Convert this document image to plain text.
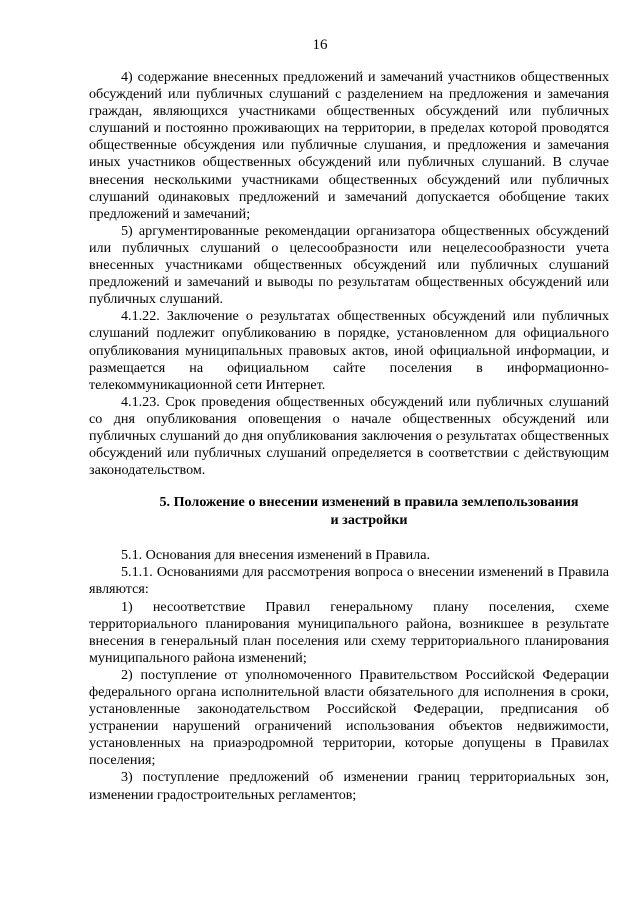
16

4) содержание внесенных предложений и замечаний участников общественных обсуждений или публичных слушаний с разделением на предложения и замечания граждан, являющихся участниками общественных обсуждений или публичных слушаний и постоянно проживающих на территории, в пределах которой проводятся общественные обсуждения или публичные слушания, и предложения и замечания иных участников общественных обсуждений или публичных слушаний. В случае внесения несколькими участниками общественных обсуждений или публичных слушаний одинаковых предложений и замечаний допускается обобщение таких предложений и замечаний;

5) аргументированные рекомендации организатора общественных обсуждений или публичных слушаний о целесообразности или нецелесообразности учета внесенных участниками общественных обсуждений или публичных слушаний предложений и замечаний и выводы по результатам общественных обсуждений или публичных слушаний.

4.1.22. Заключение о результатах общественных обсуждений или публичных слушаний подлежит опубликованию в порядке, установленном для официального опубликования муниципальных правовых актов, иной официальной информации, и размещается на официальном сайте поселения в информационно-телекоммуникационной сети Интернет.

4.1.23. Срок проведения общественных обсуждений или публичных слушаний со дня опубликования оповещения о начале общественных обсуждений или публичных слушаний до дня опубликования заключения о результатах общественных обсуждений или публичных слушаний определяется в соответствии с действующим законодательством.

5. Положение о внесении изменений в правила землепользования
и застройки

5.1. Основания для внесения изменений в Правила.

5.1.1. Основаниями для рассмотрения вопроса о внесении изменений в Правила являются:

1) несоответствие Правил генеральному плану поселения, схеме территориального планирования муниципального района, возникшее в результате внесения в генеральный план поселения или схему территориального планирования муниципального района изменений;

2) поступление от уполномоченного Правительством Российской Федерации федерального органа исполнительной власти обязательного для исполнения в сроки, установленные законодательством Российской Федерации, предписания об устранении нарушений ограничений использования объектов недвижимости, установленных на приаэродромной территории, которые допущены в Правилах поселения;

3) поступление предложений об изменении границ территориальных зон, изменении градостроительных регламентов;
